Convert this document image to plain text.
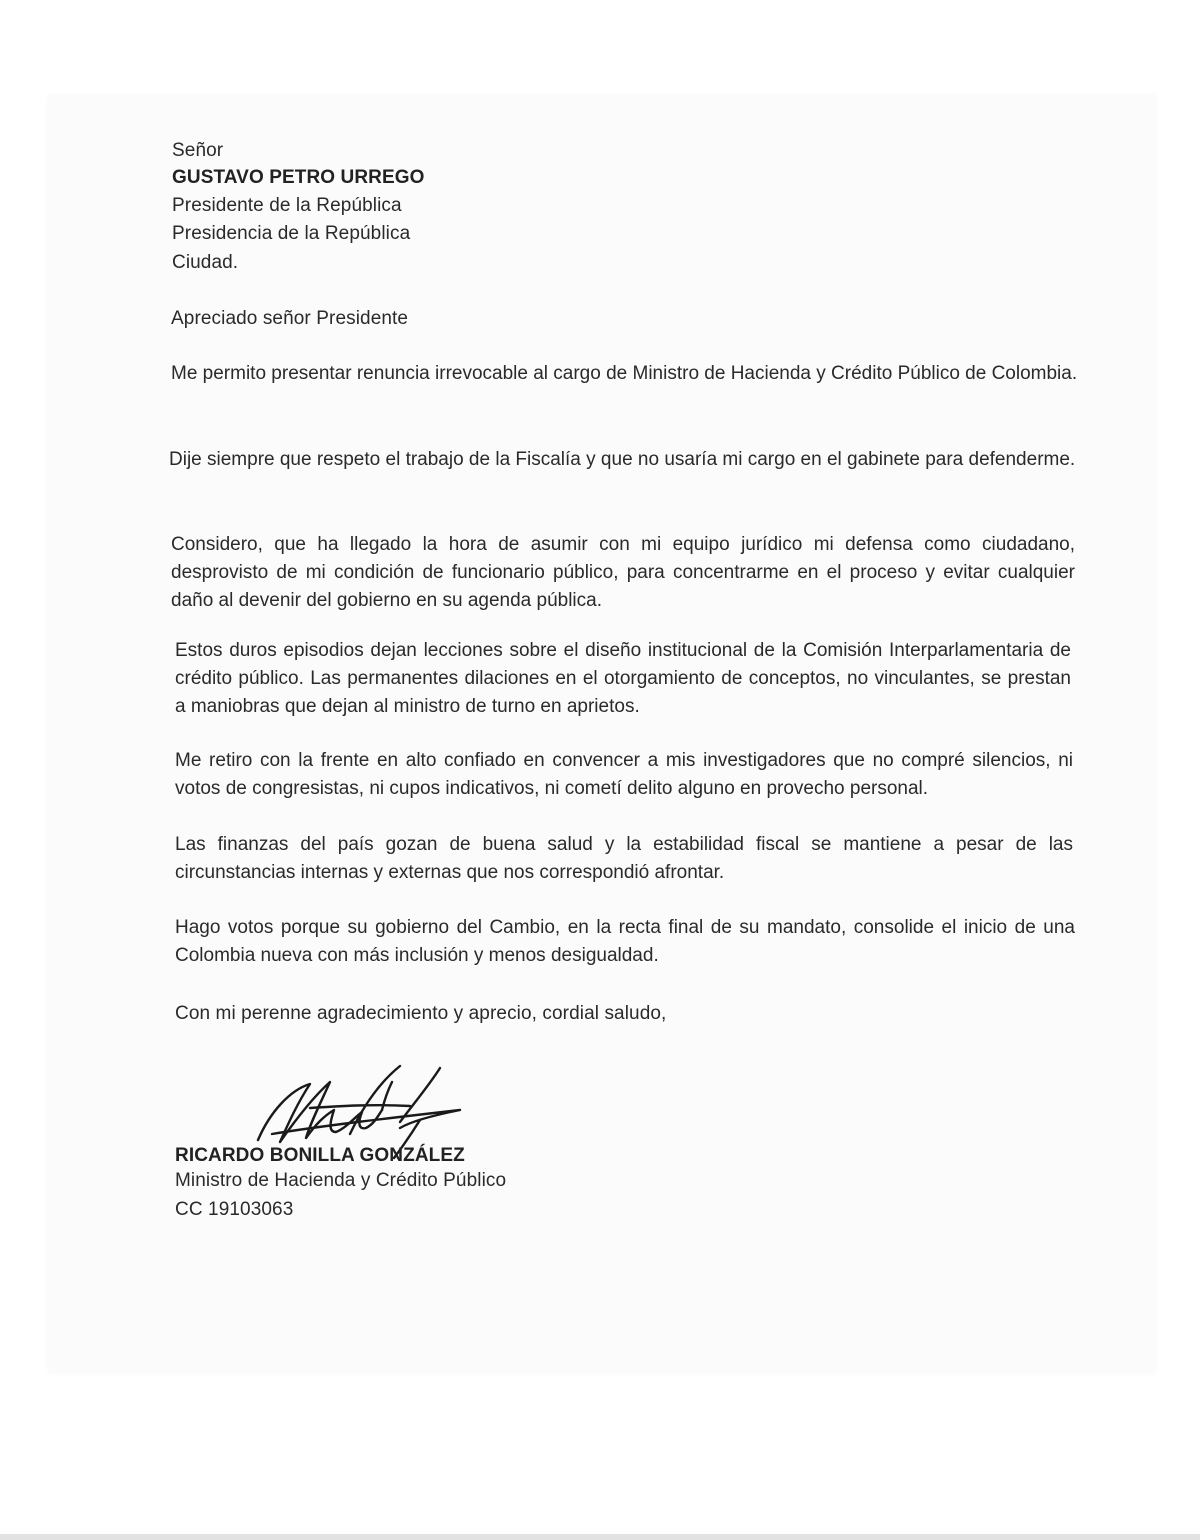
Señor
GUSTAVO PETRO URREGO
Presidente de la República
Presidencia de la República
Ciudad.
Apreciado señor Presidente
Me permito presentar renuncia irrevocable al cargo de Ministro de Hacienda y Crédito Público de Colombia.
Dije siempre que respeto el trabajo de la Fiscalía y que no usaría mi cargo en el gabinete para defenderme.
Considero, que ha llegado la hora de asumir con mi equipo jurídico mi defensa como ciudadano, desprovisto de mi condición de funcionario público, para concentrarme en el proceso y evitar cualquier daño al devenir del gobierno en su agenda pública.
Estos duros episodios dejan lecciones sobre el diseño institucional de la Comisión Interparlamentaria de crédito público. Las permanentes dilaciones en el otorgamiento de conceptos, no vinculantes, se prestan a maniobras que dejan al ministro de turno en aprietos.
Me retiro con la frente en alto confiado en convencer a mis investigadores que no compré silencios, ni votos de congresistas, ni cupos indicativos, ni cometí delito alguno en provecho personal.
Las finanzas del país gozan de buena salud y la estabilidad fiscal se mantiene a pesar de las circunstancias internas y externas que nos correspondió afrontar.
Hago votos porque su gobierno del Cambio, en la recta final de su mandato, consolide el inicio de una Colombia nueva con más inclusión y menos desigualdad.
Con mi perenne agradecimiento y aprecio, cordial saludo,
RICARDO BONILLA GONZÁLEZ
Ministro de Hacienda y Crédito Público
CC 19103063
